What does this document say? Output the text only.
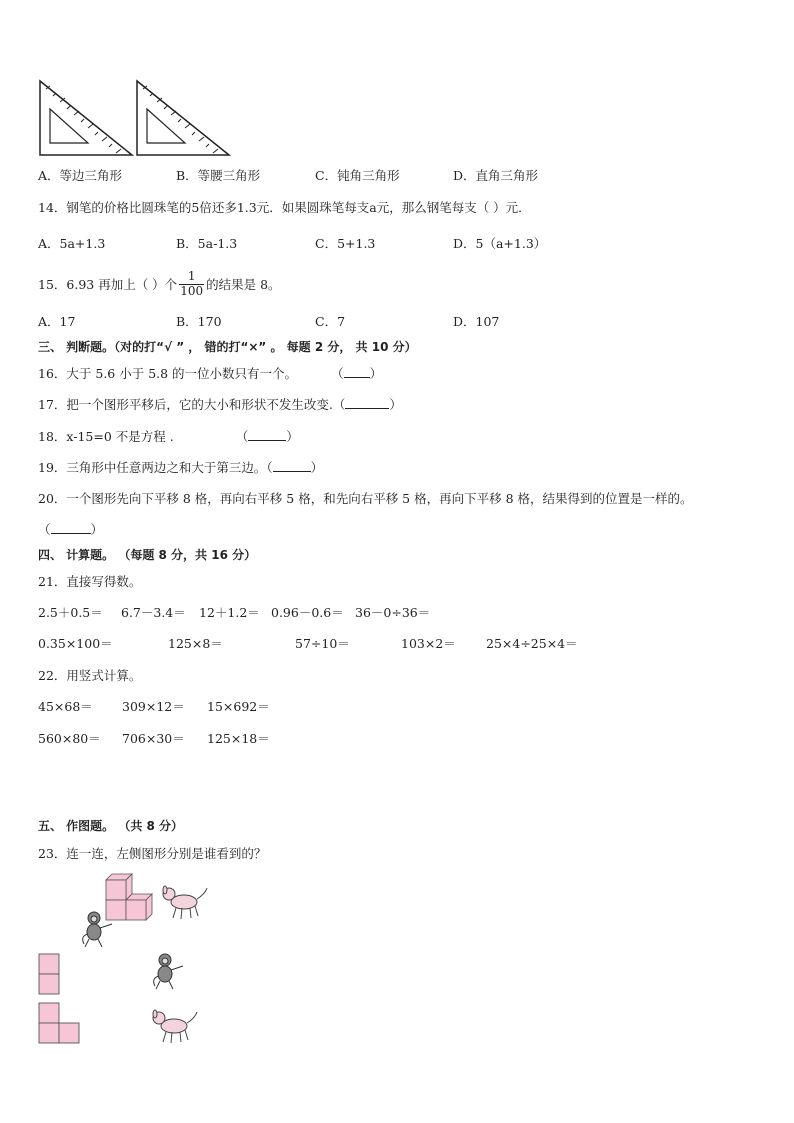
A．等边三角形	B．等腰三角形	C．钝角三角形	D．直角三角形
14．钢笔的价格比圆珠笔的5倍还多1.3元．如果圆珠笔每支a元，那么钢笔每支（ ）元．
A．5a+1.3	B．5a-1.3	C．5+1.3	D．5（a+1.3）
15．6.93 再加上（ ）个 $\frac{1}{100}$ 的结果是 8。
A．17	B．170	C．7	D．107
三、 判断题。（对的打“√ ” ， 错的打“×” 。 每题 2 分， 共 10 分）
16．大于 5.6 小于 5.8 的一位小数只有一个。	（ ）
17．把一个图形平移后，它的大小和形状不发生改变.（	）
18．x-15=0 不是方程 .	（	）
19．三角形中任意两边之和大于第三边。（	）
20．一个图形先向下平移 8 格，再向右平移 5 格，和先向右平移 5 格，再向下平移 8 格，结果得到的位置是一样的。
（	）
四、 计算题。 （每题 8 分，共 16 分）
21．直接写得数。
2.5＋0.5＝ 6.7－3.4＝ 12＋1.2＝ 0.96－0.6＝ 36－0÷36＝
0.35×100＝	125×8＝	57÷10＝	103×2＝ 25×4÷25×4＝
22．用竖式计算。
45×68＝ 309×12＝ 15×692＝
560×80＝ 706×30＝ 125×18＝
五、 作图题。 （共 8 分）
23．连一连，左侧图形分别是谁看到的？
